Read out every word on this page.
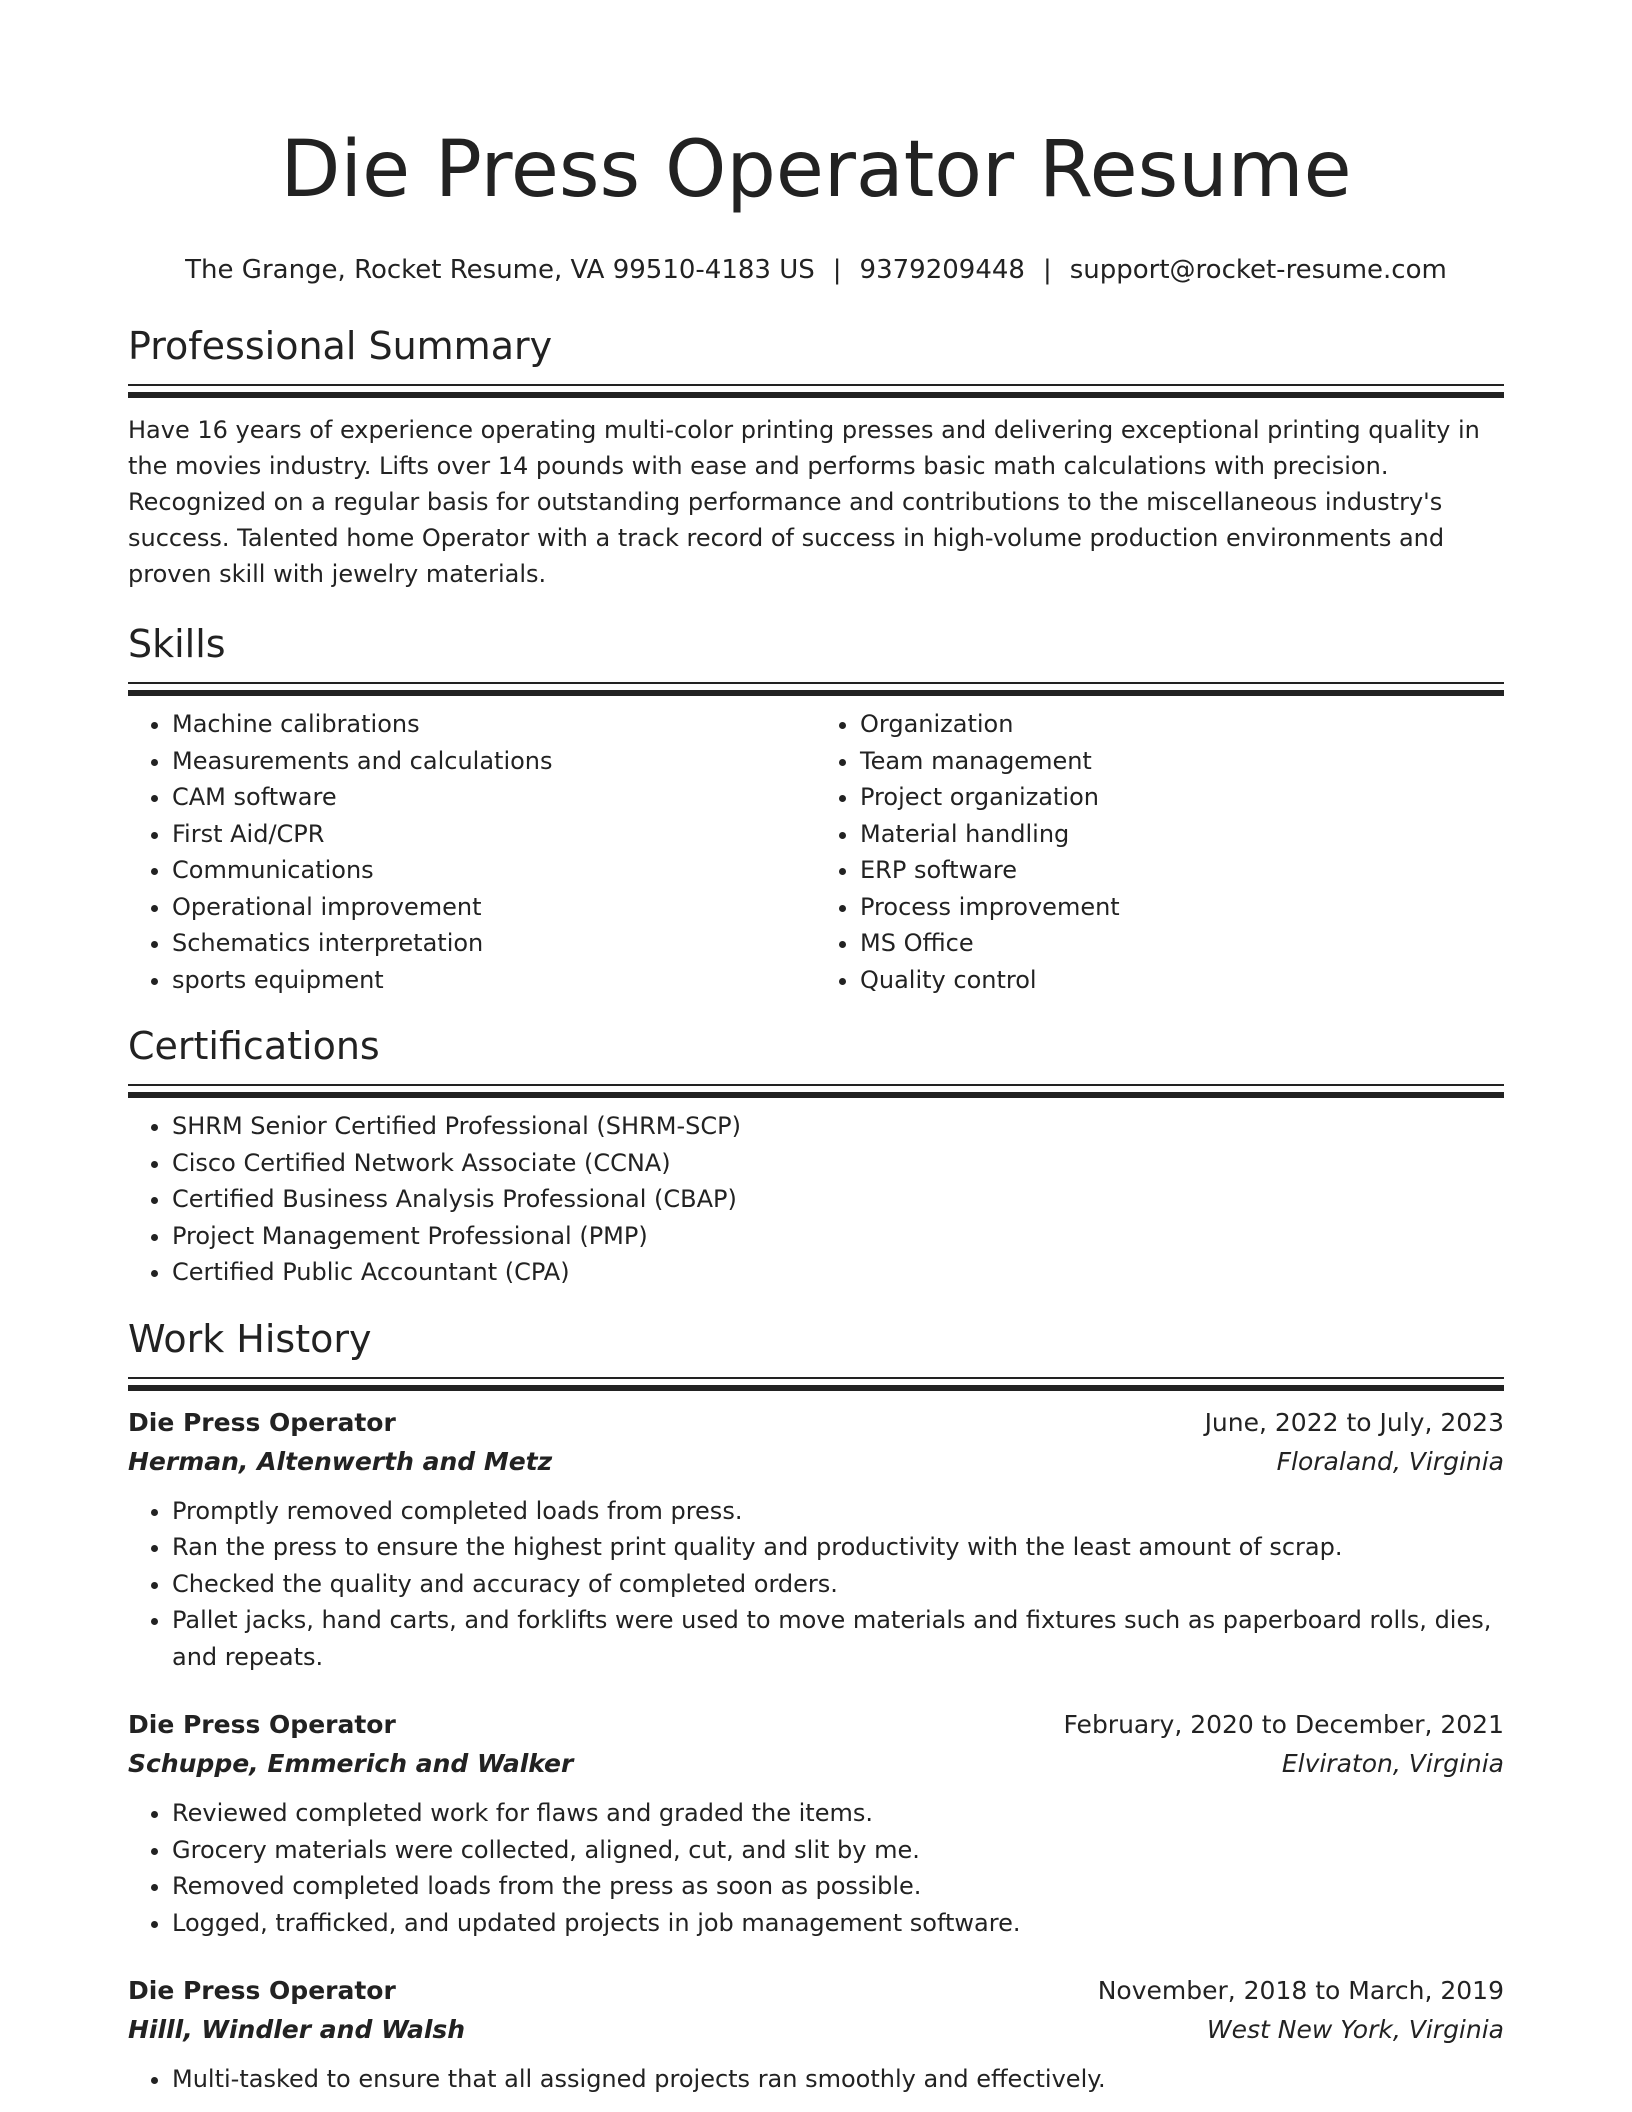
Die Press Operator Resume
The Grange, Rocket Resume, VA 99510-4183 US | 9379209448 | support@rocket-resume.com
Professional Summary

Have 16 years of experience operating multi-color printing presses and delivering exceptional printing quality in the movies industry. Lifts over 14 pounds with ease and performs basic math calculations with precision. Recognized on a regular basis for outstanding performance and contributions to the miscellaneous industry's success. Talented home Operator with a track record of success in high-volume production environments and proven skill with jewelry materials.

Skills
• Machine calibrations
• Measurements and calculations
• CAM software
• First Aid/CPR
• Communications
• Operational improvement
• Schematics interpretation
• sports equipment
• Organization
• Team management
• Project organization
• Material handling
• ERP software
• Process improvement
• MS Office
• Quality control
Certifications
• SHRM Senior Certified Professional (SHRM-SCP)
• Cisco Certified Network Associate (CCNA)
• Certified Business Analysis Professional (CBAP)
• Project Management Professional (PMP)
• Certified Public Accountant (CPA)
Work History
Die Press Operator	June, 2022 to July, 2023
Herman, Altenwerth and Metz	Floraland, Virginia
• Promptly removed completed loads from press.
• Ran the press to ensure the highest print quality and productivity with the least amount of scrap.
• Checked the quality and accuracy of completed orders.
• Pallet jacks, hand carts, and forklifts were used to move materials and fixtures such as paperboard rolls, dies, and repeats.
Die Press Operator	February, 2020 to December, 2021
Schuppe, Emmerich and Walker	Elviraton, Virginia
• Reviewed completed work for flaws and graded the items.
• Grocery materials were collected, aligned, cut, and slit by me.
• Removed completed loads from the press as soon as possible.
• Logged, trafficked, and updated projects in job management software.
Die Press Operator	November, 2018 to March, 2019
Hilll, Windler and Walsh	West New York, Virginia
• Multi-tasked to ensure that all assigned projects ran smoothly and effectively.
